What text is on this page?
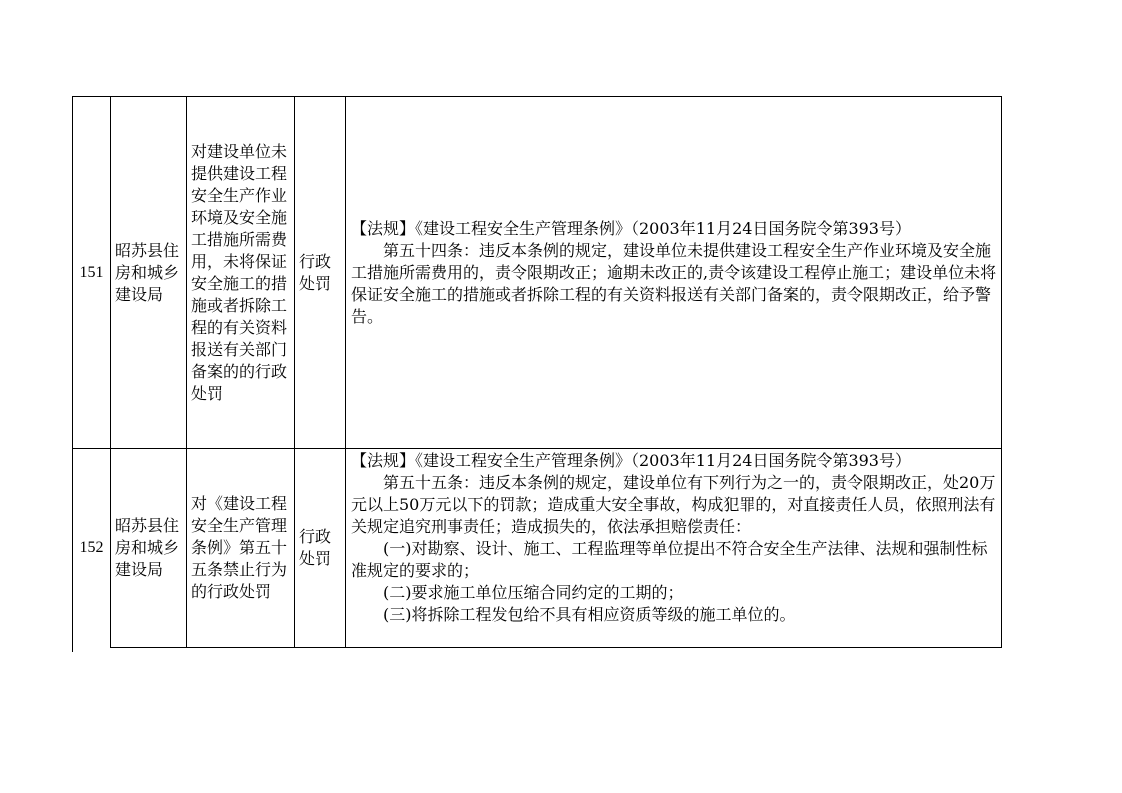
151
昭苏县住房和城乡建设局
对建设单位未提供建设工程安全生产作业环境及安全施工措施所需费用，未将保证安全施工的措施或者拆除工程的有关资料报送有关部门备案的的行政处罚
行政处罚

【法规】《建设工程安全生产管理条例》（2003年11月24日国务院令第393号）

第五十四条：违反本条例的规定，建设单位未提供建设工程安全生产作业环境及安全施工措施所需费用的，责令限期改正；逾期未改正的,责令该建设工程停止施工；建设单位未将保证安全施工的措施或者拆除工程的有关资料报送有关部门备案的，责令限期改正，给予警告。

152
昭苏县住房和城乡建设局
对《建设工程安全生产管理条例》第五十五条禁止行为的行政处罚
行政处罚

【法规】《建设工程安全生产管理条例》（2003年11月24日国务院令第393号）

第五十五条：违反本条例的规定，建设单位有下列行为之一的，责令限期改正，处20万元以上50万元以下的罚款；造成重大安全事故，构成犯罪的，对直接责任人员，依照刑法有关规定追究刑事责任；造成损失的，依法承担赔偿责任：

(一)对勘察、设计、施工、工程监理等单位提出不符合安全生产法律、法规和强制性标准规定的要求的；

(二)要求施工单位压缩合同约定的工期的；

(三)将拆除工程发包给不具有相应资质等级的施工单位的。
